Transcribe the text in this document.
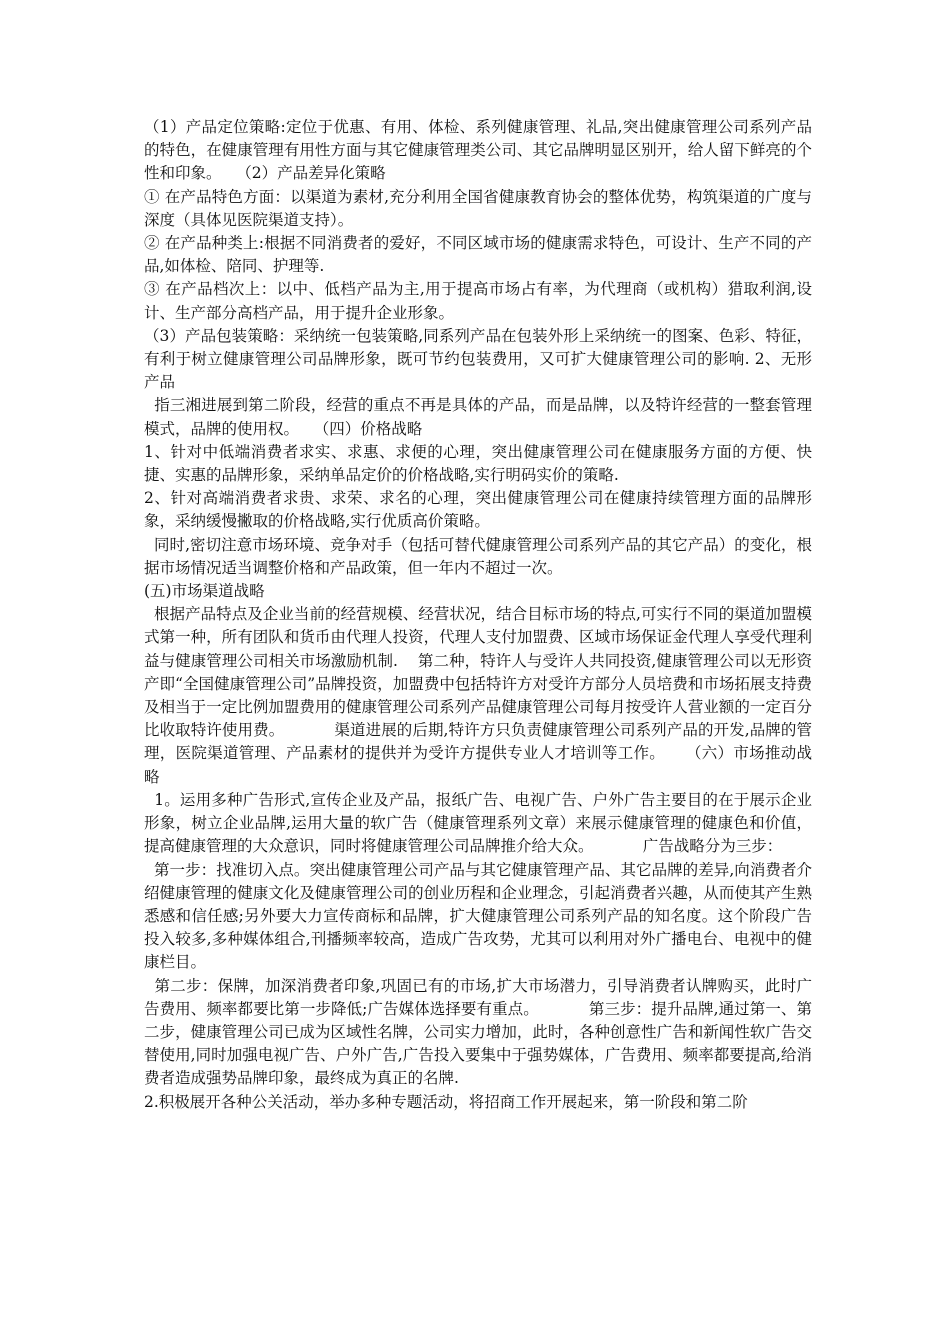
（1）产品定位策略:定位于优惠、有用、体检、系列健康管理、礼品,突出健康管理公司系列产品的特色，在健康管理有用性方面与其它健康管理类公司、其它品牌明显区别开，给人留下鲜亮的个性和印象。   （2）产品差异化策略

① 在产品特色方面：以渠道为素材,充分利用全国省健康教育协会的整体优势，构筑渠道的广度与深度（具体见医院渠道支持）。

② 在产品种类上:根据不同消费者的爱好，不同区域市场的健康需求特色，可设计、生产不同的产品,如体检、陪同、护理等.

③ 在产品档次上：以中、低档产品为主,用于提高市场占有率，为代理商（或机构）猎取利润,设计、生产部分高档产品，用于提升企业形象。

（3）产品包装策略：采纳统一包装策略,同系列产品在包装外形上采纳统一的图案、色彩、特征，有利于树立健康管理公司品牌形象，既可节约包装费用，又可扩大健康管理公司的影响. 2、无形产品

指三湘进展到第二阶段，经营的重点不再是具体的产品，而是品牌，以及特许经营的一整套管理模式，品牌的使用权。   （四）价格战略

1、针对中低端消费者求实、求惠、求便的心理，突出健康管理公司在健康服务方面的方便、快捷、实惠的品牌形象，采纳单品定价的价格战略,实行明码实价的策略.

2、针对高端消费者求贵、求荣、求名的心理，突出健康管理公司在健康持续管理方面的品牌形象，采纳缓慢撇取的价格战略,实行优质高价策略。

同时,密切注意市场环境、竞争对手（包括可替代健康管理公司系列产品的其它产品）的变化，根据市场情况适当调整价格和产品政策，但一年内不超过一次。

(五)市场渠道战略

根据产品特点及企业当前的经营规模、经营状况，结合目标市场的特点,可实行不同的渠道加盟模式第一种，所有团队和货币由代理人投资，代理人支付加盟费、区域市场保证金代理人享受代理利益与健康管理公司相关市场激励机制.    第二种，特许人与受许人共同投资,健康管理公司以无形资产即“全国健康管理公司”品牌投资，加盟费中包括特许方对受许方部分人员培费和市场拓展支持费及相当于一定比例加盟费用的健康管理公司系列产品健康管理公司每月按受许人营业额的一定百分比收取特许使用费。          渠道进展的后期,特许方只负责健康管理公司系列产品的开发,品牌的管理，医院渠道管理、产品素材的提供并为受许方提供专业人才培训等工作。    （六）市场推动战略

1。运用多种广告形式,宣传企业及产品，报纸广告、电视广告、户外广告主要目的在于展示企业形象，树立企业品牌,运用大量的软广告（健康管理系列文章）来展示健康管理的健康色和价值，提高健康管理的大众意识，同时将健康管理公司品牌推介给大众。          广告战略分为三步：

第一步：找准切入点。突出健康管理公司产品与其它健康管理产品、其它品牌的差异,向消费者介绍健康管理的健康文化及健康管理公司的创业历程和企业理念，引起消费者兴趣，从而使其产生熟悉感和信任感;另外要大力宣传商标和品牌，扩大健康管理公司系列产品的知名度。这个阶段广告投入较多,多种媒体组合,刊播频率较高，造成广告攻势，尤其可以利用对外广播电台、电视中的健康栏目。

第二步：保牌，加深消费者印象,巩固已有的市场,扩大市场潜力，引导消费者认牌购买，此时广告费用、频率都要比第一步降低;广告媒体选择要有重点。          第三步：提升品牌,通过第一、第二步，健康管理公司已成为区域性名牌，公司实力增加，此时，各种创意性广告和新闻性软广告交替使用,同时加强电视广告、户外广告,广告投入要集中于强势媒体，广告费用、频率都要提高,给消费者造成强势品牌印象，最终成为真正的名牌.

2.积极展开各种公关活动，举办多种专题活动，将招商工作开展起来，第一阶段和第二阶
